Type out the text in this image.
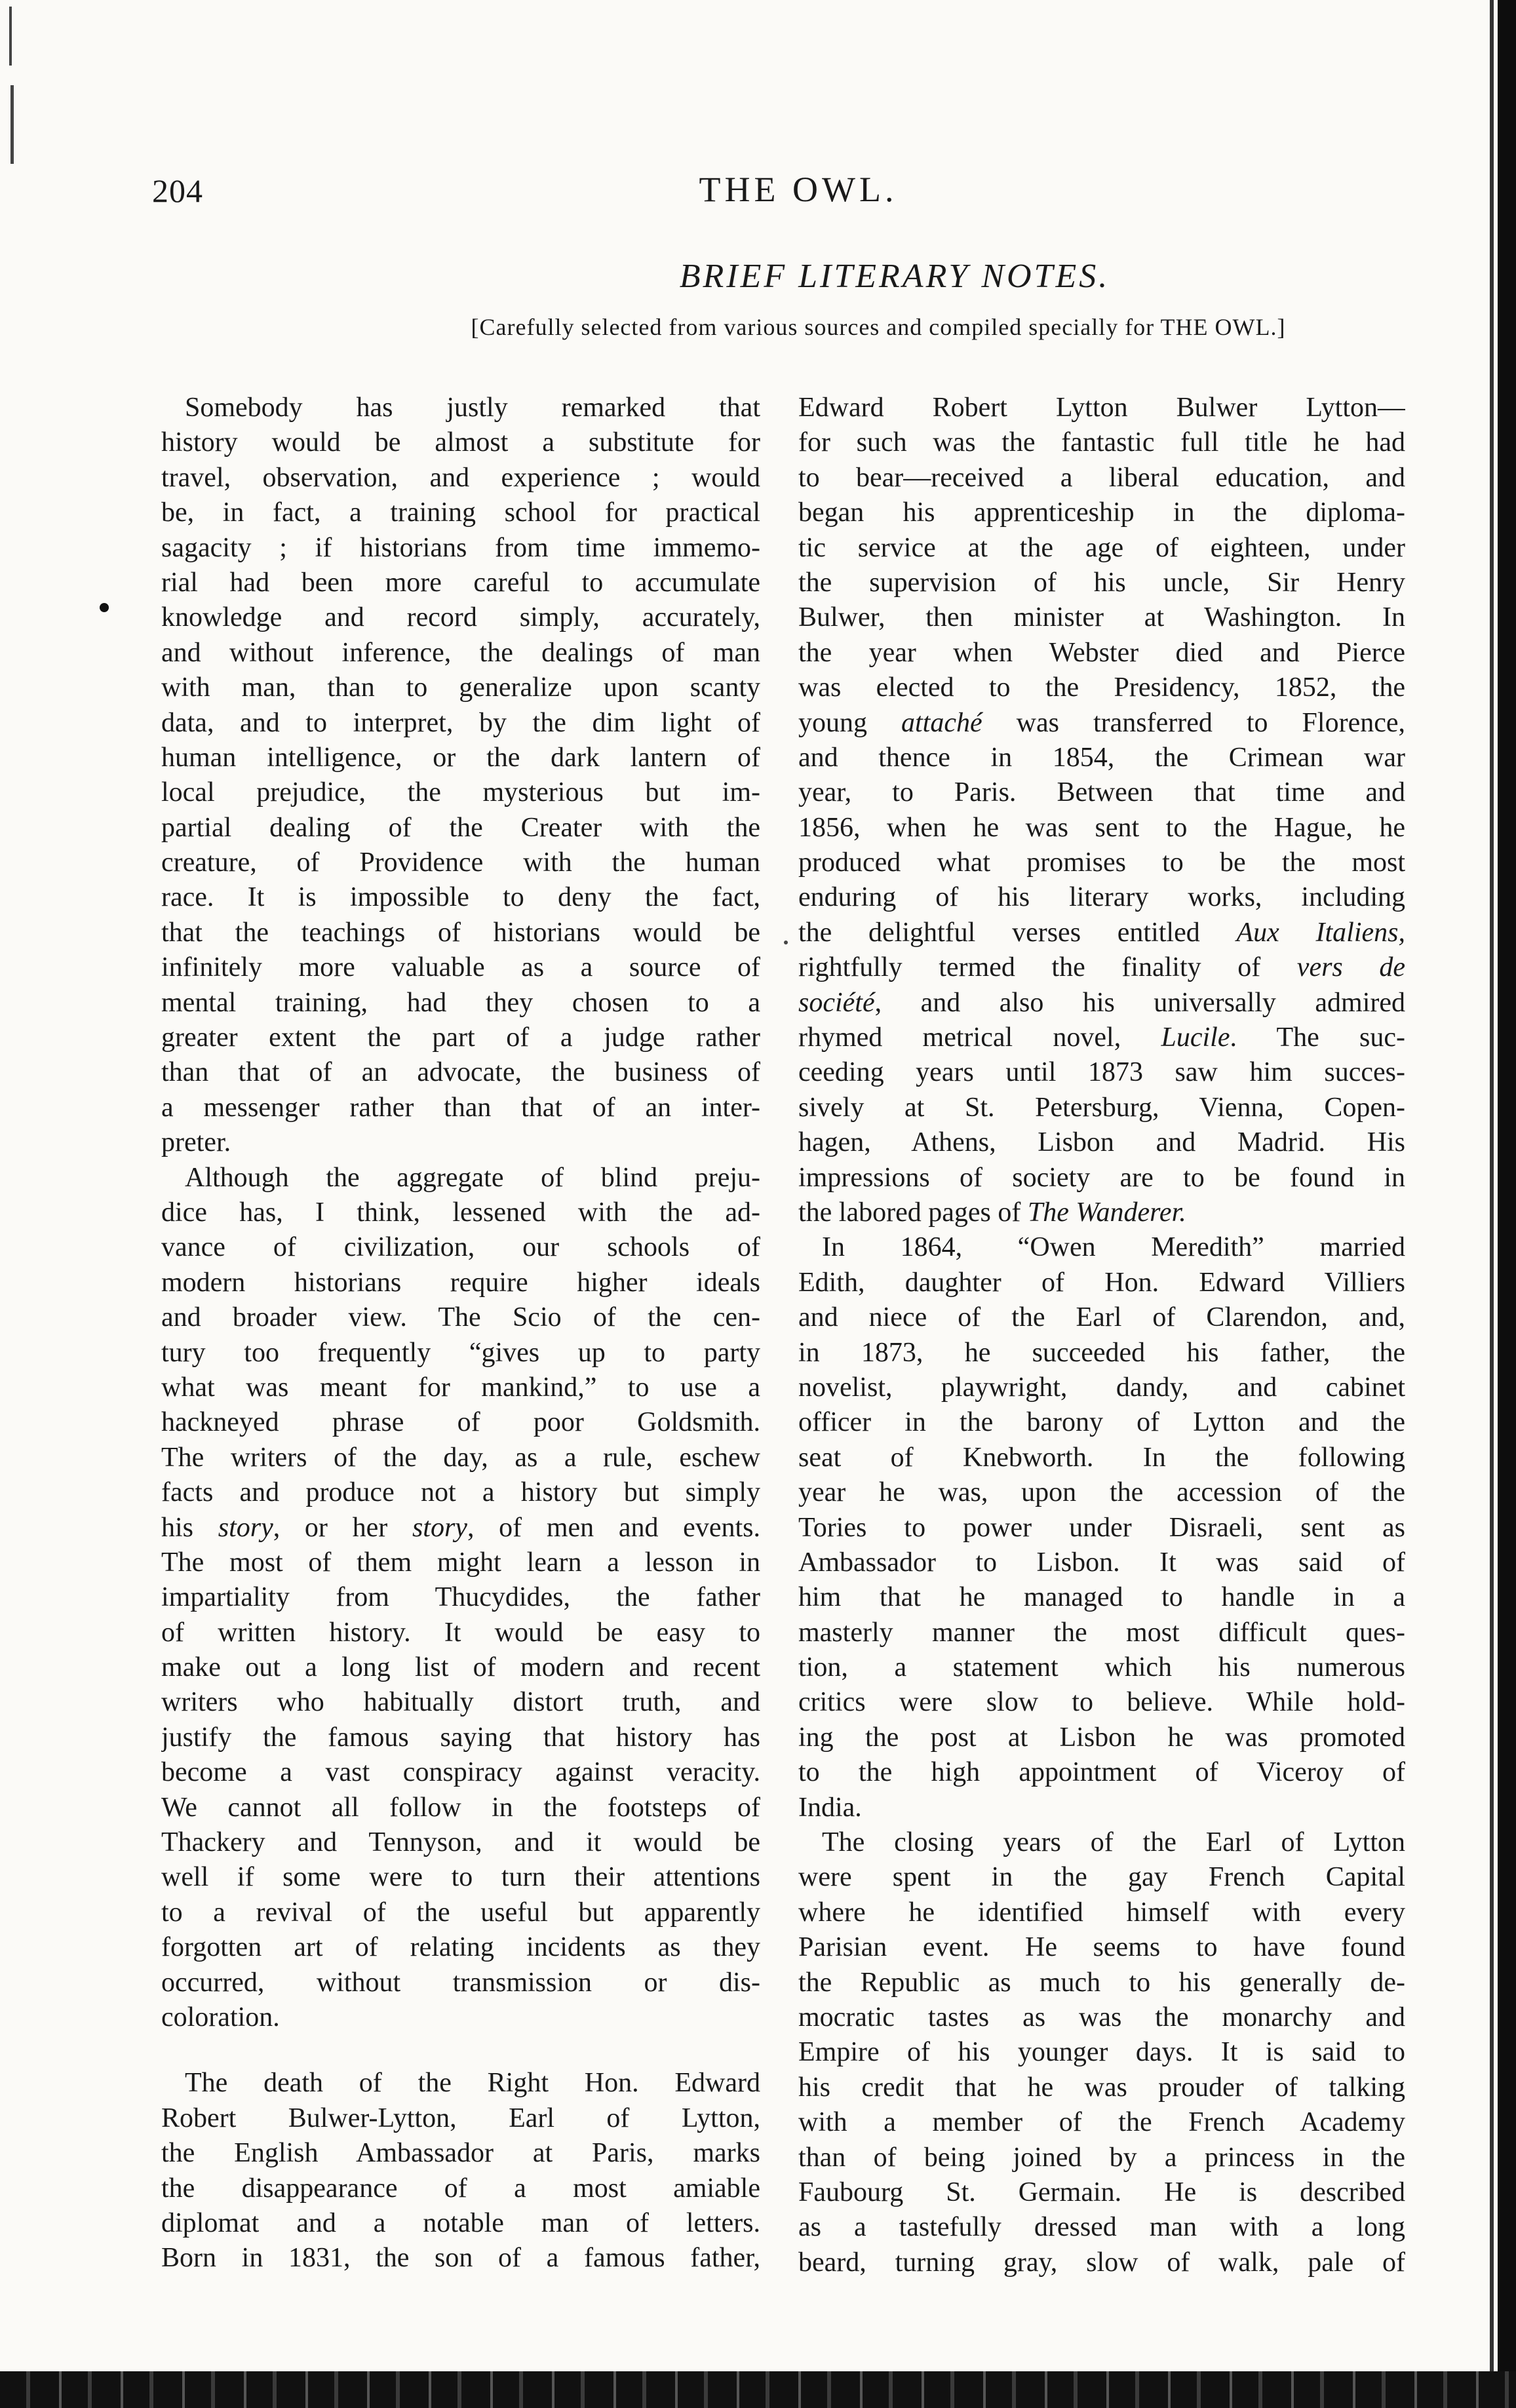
204	THE OWL.
BRIEF LITERARY NOTES.
[Carefully selected from various sources and compiled specially for THE OWL.]
Somebody has justly remarked that
history would be almost a substitute for
travel, observation, and experience ; would
be, in fact, a training school for practical
sagacity ; if historians from time immemo-
rial had been more careful to accumulate
knowledge and record simply, accurately,
and without inference, the dealings of man
with man, than to generalize upon scanty
data, and to interpret, by the dim light of
human intelligence, or the dark lantern of
local prejudice, the mysterious but im-
partial dealing of the Creater with the
creature, of Providence with the human
race. It is impossible to deny the fact,
that the teachings of historians would be
infinitely more valuable as a source of
mental training, had they chosen to a
greater extent the part of a judge rather
than that of an advocate, the business of
a messenger rather than that of an inter-
preter.
Although the aggregate of blind preju-
dice has, I think, lessened with the ad-
vance of civilization, our schools of
modern historians require higher ideals
and broader view. The Scio of the cen-
tury too frequently “gives up to party
what was meant for mankind,” to use a
hackneyed phrase of poor Goldsmith.
The writers of the day, as a rule, eschew
facts and produce not a history but simply
his story, or her story, of men and events.
The most of them might learn a lesson in
impartiality from Thucydides, the father
of written history. It would be easy to
make out a long list of modern and recent
writers who habitually distort truth, and
justify the famous saying that history has
become a vast conspiracy against veracity.
We cannot all follow in the footsteps of
Thackery and Tennyson, and it would be
well if some were to turn their attentions
to a revival of the useful but apparently
forgotten art of relating incidents as they
occurred, without transmission or dis-
coloration.
The death of the Right Hon. Edward
Robert Bulwer-Lytton, Earl of Lytton,
the English Ambassador at Paris, marks
the disappearance of a most amiable
diplomat and a notable man of letters.
Born in 1831, the son of a famous father,
Edward Robert Lytton Bulwer Lytton—
for such was the fantastic full title he had
to bear—received a liberal education, and
began his apprenticeship in the diploma-
tic service at the age of eighteen, under
the supervision of his uncle, Sir Henry
Bulwer, then minister at Washington. In
the year when Webster died and Pierce
was elected to the Presidency, 1852, the
young attaché was transferred to Florence,
and thence in 1854, the Crimean war
year, to Paris. Between that time and
1856, when he was sent to the Hague, he
produced what promises to be the most
enduring of his literary works, including
the delightful verses entitled Aux Italiens,
rightfully termed the finality of vers de
société, and also his universally admired
rhymed metrical novel, Lucile. The suc-
ceeding years until 1873 saw him succes-
sively at St. Petersburg, Vienna, Copen-
hagen, Athens, Lisbon and Madrid. His
impressions of society are to be found in
the labored pages of The Wanderer.
In 1864, “Owen Meredith” married
Edith, daughter of Hon. Edward Villiers
and niece of the Earl of Clarendon, and,
in 1873, he succeeded his father, the
novelist, playwright, dandy, and cabinet
officer in the barony of Lytton and the
seat of Knebworth. In the following
year he was, upon the accession of the
Tories to power under Disraeli, sent as
Ambassador to Lisbon. It was said of
him that he managed to handle in a
masterly manner the most difficult ques-
tion, a statement which his numerous
critics were slow to believe. While hold-
ing the post at Lisbon he was promoted
to the high appointment of Viceroy of
India.
The closing years of the Earl of Lytton
were spent in the gay French Capital
where he identified himself with every
Parisian event. He seems to have found
the Republic as much to his generally de-
mocratic tastes as was the monarchy and
Empire of his younger days. It is said to
his credit that he was prouder of talking
with a member of the French Academy
than of being joined by a princess in the
Faubourg St. Germain. He is described
as a tastefully dressed man with a long
beard, turning gray, slow of walk, pale of
